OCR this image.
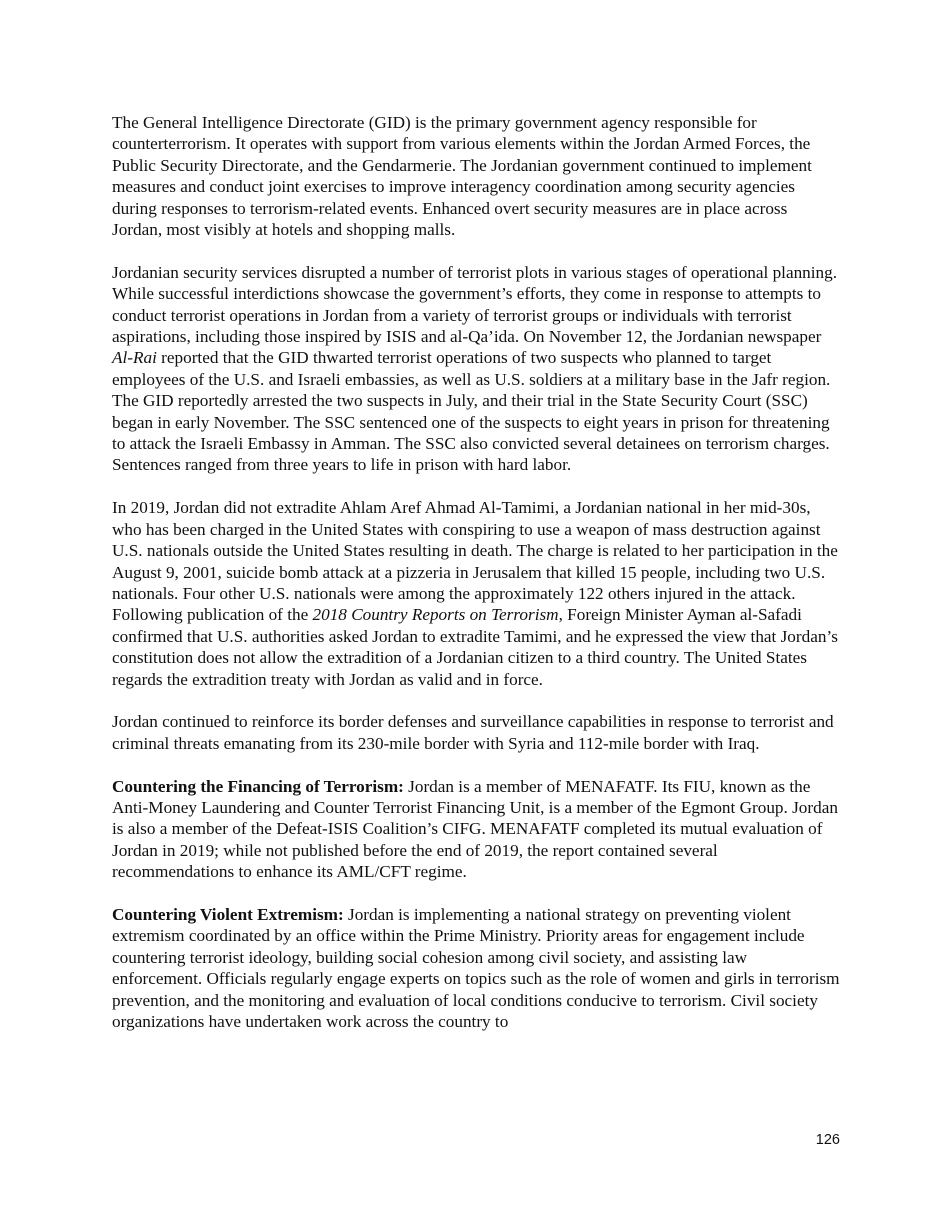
The General Intelligence Directorate (GID) is the primary government agency responsible for counterterrorism. It operates with support from various elements within the Jordan Armed Forces, the Public Security Directorate, and the Gendarmerie. The Jordanian government continued to implement measures and conduct joint exercises to improve interagency coordination among security agencies during responses to terrorism-related events. Enhanced overt security measures are in place across Jordan, most visibly at hotels and shopping malls.

Jordanian security services disrupted a number of terrorist plots in various stages of operational planning. While successful interdictions showcase the government’s efforts, they come in response to attempts to conduct terrorist operations in Jordan from a variety of terrorist groups or individuals with terrorist aspirations, including those inspired by ISIS and al-Qa’ida. On November 12, the Jordanian newspaper Al-Rai reported that the GID thwarted terrorist operations of two suspects who planned to target employees of the U.S. and Israeli embassies, as well as U.S. soldiers at a military base in the Jafr region. The GID reportedly arrested the two suspects in July, and their trial in the State Security Court (SSC) began in early November. The SSC sentenced one of the suspects to eight years in prison for threatening to attack the Israeli Embassy in Amman. The SSC also convicted several detainees on terrorism charges. Sentences ranged from three years to life in prison with hard labor.

In 2019, Jordan did not extradite Ahlam Aref Ahmad Al-Tamimi, a Jordanian national in her mid-30s, who has been charged in the United States with conspiring to use a weapon of mass destruction against U.S. nationals outside the United States resulting in death. The charge is related to her participation in the August 9, 2001, suicide bomb attack at a pizzeria in Jerusalem that killed 15 people, including two U.S. nationals. Four other U.S. nationals were among the approximately 122 others injured in the attack. Following publication of the 2018 Country Reports on Terrorism, Foreign Minister Ayman al-Safadi confirmed that U.S. authorities asked Jordan to extradite Tamimi, and he expressed the view that Jordan’s constitution does not allow the extradition of a Jordanian citizen to a third country. The United States regards the extradition treaty with Jordan as valid and in force.

Jordan continued to reinforce its border defenses and surveillance capabilities in response to terrorist and criminal threats emanating from its 230-mile border with Syria and 112-mile border with Iraq.

Countering the Financing of Terrorism: Jordan is a member of MENAFATF. Its FIU, known as the Anti-Money Laundering and Counter Terrorist Financing Unit, is a member of the Egmont Group. Jordan is also a member of the Defeat-ISIS Coalition’s CIFG. MENAFATF completed its mutual evaluation of Jordan in 2019; while not published before the end of 2019, the report contained several recommendations to enhance its AML/CFT regime.

Countering Violent Extremism: Jordan is implementing a national strategy on preventing violent extremism coordinated by an office within the Prime Ministry. Priority areas for engagement include countering terrorist ideology, building social cohesion among civil society, and assisting law enforcement. Officials regularly engage experts on topics such as the role of women and girls in terrorism prevention, and the monitoring and evaluation of local conditions conducive to terrorism. Civil society organizations have undertaken work across the country to

126
